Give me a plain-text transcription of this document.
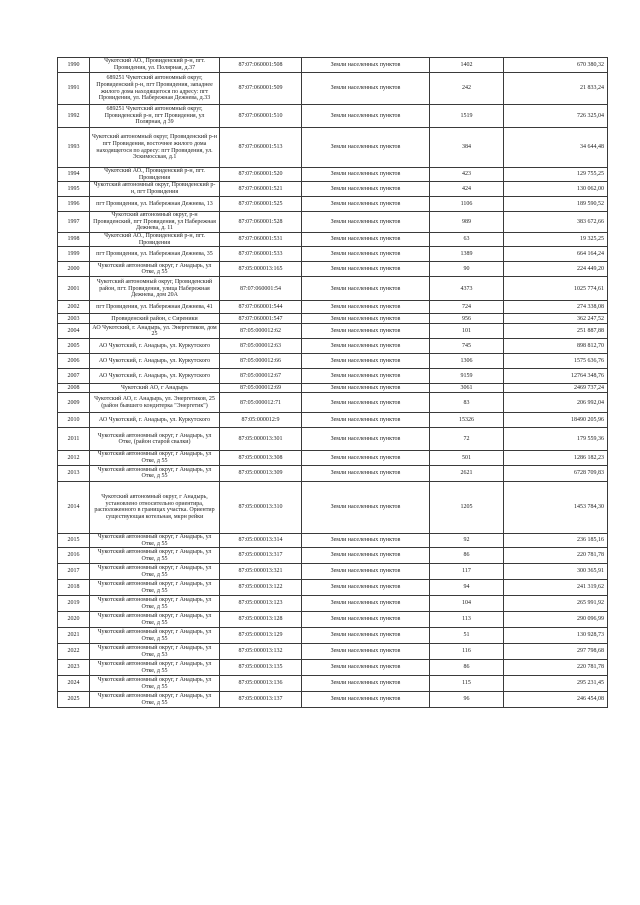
1990	Чукотский АО., Провиденский р-н, пгт. Провидения, ул. Полярная, д.37	87:07:060001:508	Земли населенных пунктов	1402	670 380,32
1991	689251 Чукотский автономный округ, Провиденский р-н, пгт Провидения, западнее жилого дома находящегося по адресу: пгт Провидения, ул. Набережная Дежнева, д.33	87:07:060001:509	Земли населенных пунктов	242	21 833,24
1992	689251 Чукотский автономный округ, Провиденский р-н, пгт Провидения, ул Полярная, д 39	87:07:060001:510	Земли населенных пунктов	1519	726 325,04
1993	Чукотский автономный округ, Провиденский р-н пгт Провидения, восточнее жилого дома находящегося по адресу: пгт Провидения, ул. Эскимосская, д.1	87:07:060001:513	Земли населенных пунктов	384	34 644,48
1994	Чукотский АО., Провиденский р-н, пгт. Провидения	87:07:060001:520	Земли населенных пунктов	423	129 755,25
1995	Чукотский автономный округ, Провиденский р-н, пгт Провидения	87:07:060001:521	Земли населенных пунктов	424	130 062,00
1996	пгт Провидения, ул. Набережная Дежнева, 13	87:07:060001:525	Земли населенных пунктов	1106	189 590,52
1997	Чукотский автономный округ, р-н Провиденский, пгт Провидения, ул Набережная Дежнева, д. 11	87:07:060001:528	Земли населенных пунктов	989	383 672,66
1998	Чукотский АО., Провиденский р-н, пгт. Провидения	87:07:060001:531	Земли населенных пунктов	63	19 325,25
1999	пгт Провидения, ул. Набережная Дежнева, 35	87:07:060001:533	Земли населенных пунктов	1389	664 164,24
2000	Чукотский автономный округ, г Анадырь, ул Отке, д 55	87:05:000013:165	Земли населенных пунктов	90	224 449,20
2001	Чукотский автономный округ, Провиденский район, пгт. Провидения, улица Набережная Дежнева, дом 20А	87:07:060001:54	Земли населенных пунктов	4373	1025 774,61
2002	пгт Провидения, ул. Набережная Дежнева, 41	87:07:060001:544	Земли населенных пунктов	724	274 338,08
2003	Провиденский район, с Сиреники	87:07:060001:547	Земли населенных пунктов	956	362 247,52
2004	АО Чукотский, г. Анадырь, ул. Энергетиков, дом 25	87:05:000012:62	Земли населенных пунктов	101	251 887,88
2005	АО Чукотский, г. Анадырь, ул. Куркутского	87:05:000012:63	Земли населенных пунктов	745	898 812,70
2006	АО Чукотский, г. Анадырь, ул. Куркутского	87:05:000012:66	Земли населенных пунктов	1306	1575 636,76
2007	АО Чукотский, г. Анадырь, ул. Куркутского	87:05:000012:67	Земли населенных пунктов	9159	12764 348,76
2008	Чукотский АО, г Анадырь	87:05:000012:69	Земли населенных пунктов	3061	2469 737,24
2009	Чукотский АО, г. Анадырь, ул. Энергетиков, 25 (район бывшего кондитерка "Энергетик")	87:05:000012:71	Земли населенных пунктов	83	206 992,04
2010	АО Чукотский, г. Анадырь, ул. Куркутского	87:05:000012:9	Земли населенных пунктов	15326	18490 205,96
2011	Чукотский автономный округ, г Анадырь, ул Отке, (район старой свалки)	87:05:000013:301	Земли населенных пунктов	72	179 559,36
2012	Чукотский автономный округ, г Анадырь, ул Отке, д 55	87:05:000013:308	Земли населенных пунктов	501	1286 182,23
2013	Чукотский автономный округ, г Анадырь, ул Отке, д 55	87:05:000013:309	Земли населенных пунктов	2621	6728 709,83
2014	Чукотский автономный округ, г Анадырь, установлено относительно ориентира, расположенного в границах участка. Ориентир существующая котельная, мкрн рейки	87:05:000013:310	Земли населенных пунктов	1205	1453 784,30
2015	Чукотский автономный округ, г Анадырь, ул Отке, д 55	87:05:000013:314	Земли населенных пунктов	92	236 185,16
2016	Чукотский автономный округ, г Анадырь, ул Отке, д 55	87:05:000013:317	Земли населенных пунктов	86	220 781,78
2017	Чукотский автономный округ, г Анадырь, ул Отке, д 55	87:05:000013:321	Земли населенных пунктов	117	300 365,91
2018	Чукотский автономный округ, г Анадырь, ул Отке, д 55	87:05:000013:122	Земли населенных пунктов	94	241 319,62
2019	Чукотский автономный округ, г Анадырь, ул Отке, д 55	87:05:000013:123	Земли населенных пунктов	104	265 991,92
2020	Чукотский автономный округ, г Анадырь, ул Отке, д 55	87:05:000013:128	Земли населенных пунктов	113	290 096,99
2021	Чукотский автономный округ, г Анадырь, ул Отке, д 55	87:05:000013:129	Земли населенных пунктов	51	130 928,73
2022	Чукотский автономный округ, г Анадырь, ул Отке, д 53	87:05:000013:132	Земли населенных пунктов	116	297 798,68
2023	Чукотский автономный округ, г Анадырь, ул Отке, д 55	87:05:000013:135	Земли населенных пунктов	86	220 781,78
2024	Чукотский автономный округ, г Анадырь, ул Отке, д 55	87:05:000013:136	Земли населенных пунктов	115	295 231,45
2025	Чукотский автономный округ, г Анадырь, ул Отке, д 55	87:05:000013:137	Земли населенных пунктов	96	246 454,08
